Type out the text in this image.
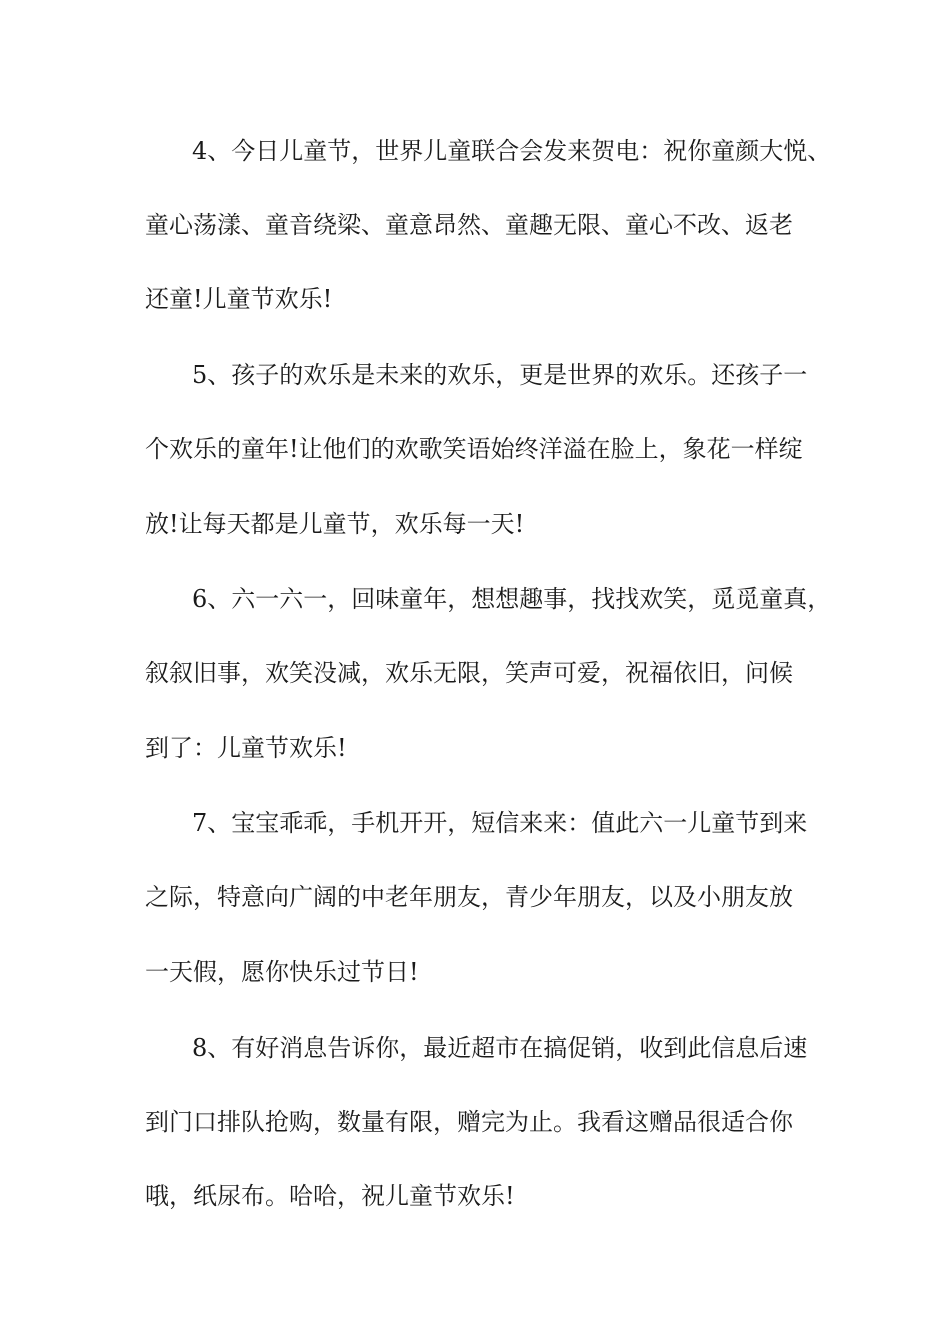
4、今日儿童节，世界儿童联合会发来贺电：祝你童颜大悦、
童心荡漾、童音绕梁、童意昂然、童趣无限、童心不改、返老
还童!儿童节欢乐!
5、孩子的欢乐是未来的欢乐，更是世界的欢乐。还孩子一
个欢乐的童年!让他们的欢歌笑语始终洋溢在脸上，象花一样绽
放!让每天都是儿童节，欢乐每一天!
6、六一六一，回味童年，想想趣事，找找欢笑，觅觅童真，
叙叙旧事，欢笑没减，欢乐无限，笑声可爱，祝福依旧，问候
到了：儿童节欢乐!
7、宝宝乖乖，手机开开，短信来来：值此六一儿童节到来
之际，特意向广阔的中老年朋友，青少年朋友，以及小朋友放
一天假，愿你快乐过节日!
8、有好消息告诉你，最近超市在搞促销，收到此信息后速
到门口排队抢购，数量有限，赠完为止。我看这赠品很适合你
哦，纸尿布。哈哈，祝儿童节欢乐!
